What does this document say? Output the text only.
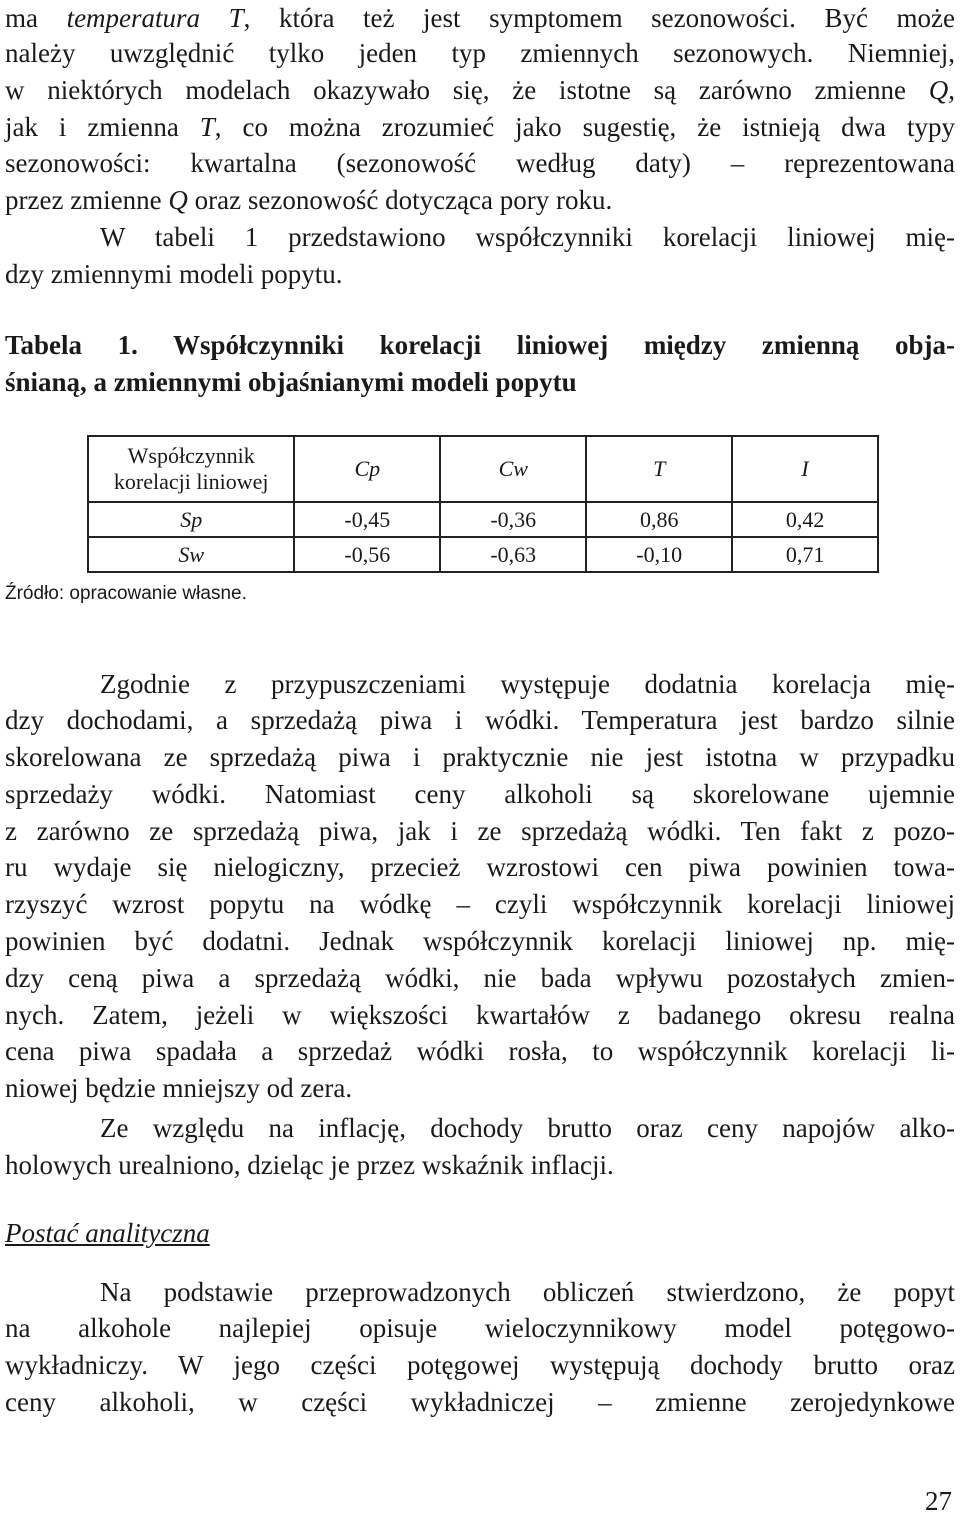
ma temperatura T, która też jest symptomem sezonowości. Być może
należy uwzględnić tylko jeden typ zmiennych sezonowych. Niemniej,
w niektórych modelach okazywało się, że istotne są zarówno zmienne Q,
jak i zmienna T, co można zrozumieć jako sugestię, że istnieją dwa typy
sezonowości: kwartalna (sezonowość według daty) – reprezentowana
przez zmienne Q oraz sezonowość dotycząca pory roku.
W tabeli 1 przedstawiono współczynniki korelacji liniowej mię-
dzy zmiennymi modeli popytu.
Tabela 1. Współczynniki korelacji liniowej między zmienną obja-
śnianą, a zmiennymi objaśnianymi modeli popytu
Współczynnik
korelacji liniowej	Cp	Cw	T	I
Sp	-0,45	-0,36	0,86	0,42
Sw	-0,56	-0,63	-0,10	0,71
Źródło: opracowanie własne.
Zgodnie z przypuszczeniami występuje dodatnia korelacja mię-
dzy dochodami, a sprzedażą piwa i wódki. Temperatura jest bardzo silnie
skorelowana ze sprzedażą piwa i praktycznie nie jest istotna w przypadku
sprzedaży wódki. Natomiast ceny alkoholi są skorelowane ujemnie
z zarówno ze sprzedażą piwa, jak i ze sprzedażą wódki. Ten fakt z pozo-
ru wydaje się nielogiczny, przecież wzrostowi cen piwa powinien towa-
rzyszyć wzrost popytu na wódkę – czyli współczynnik korelacji liniowej
powinien być dodatni. Jednak współczynnik korelacji liniowej np. mię-
dzy ceną piwa a sprzedażą wódki, nie bada wpływu pozostałych zmien-
nych. Zatem, jeżeli w większości kwartałów z badanego okresu realna
cena piwa spadała a sprzedaż wódki rosła, to współczynnik korelacji li-
niowej będzie mniejszy od zera.
Ze względu na inflację, dochody brutto oraz ceny napojów alko-
holowych urealniono, dzieląc je przez wskaźnik inflacji.
Postać analityczna
Na podstawie przeprowadzonych obliczeń stwierdzono, że popyt
na alkohole najlepiej opisuje wieloczynnikowy model potęgowo-
wykładniczy. W jego części potęgowej występują dochody brutto oraz
ceny alkoholi, w części wykładniczej – zmienne zerojedynkowe
27
